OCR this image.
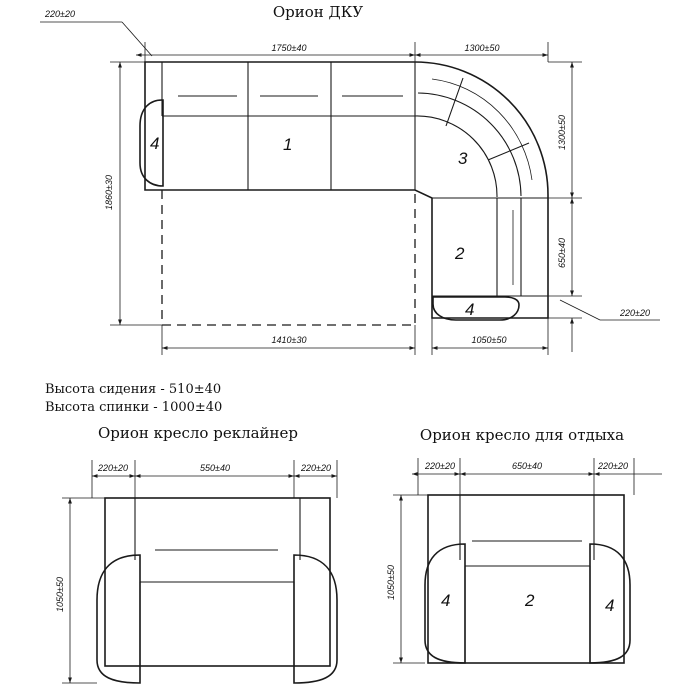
Орион ДКУ
4	1
3
2
4
220±20
1750±40	1300±50
1860±30
1410±30	1050±50
1300±50
650±40
220±20
Высота сидения - 510±40
Высота спинки - 1000±40
Орион кресло реклайнер
220±20	550±40	220±20
1050±50
Орион кресло для отдыха
4	2	4
220±20	650±40	220±20
1050±50
